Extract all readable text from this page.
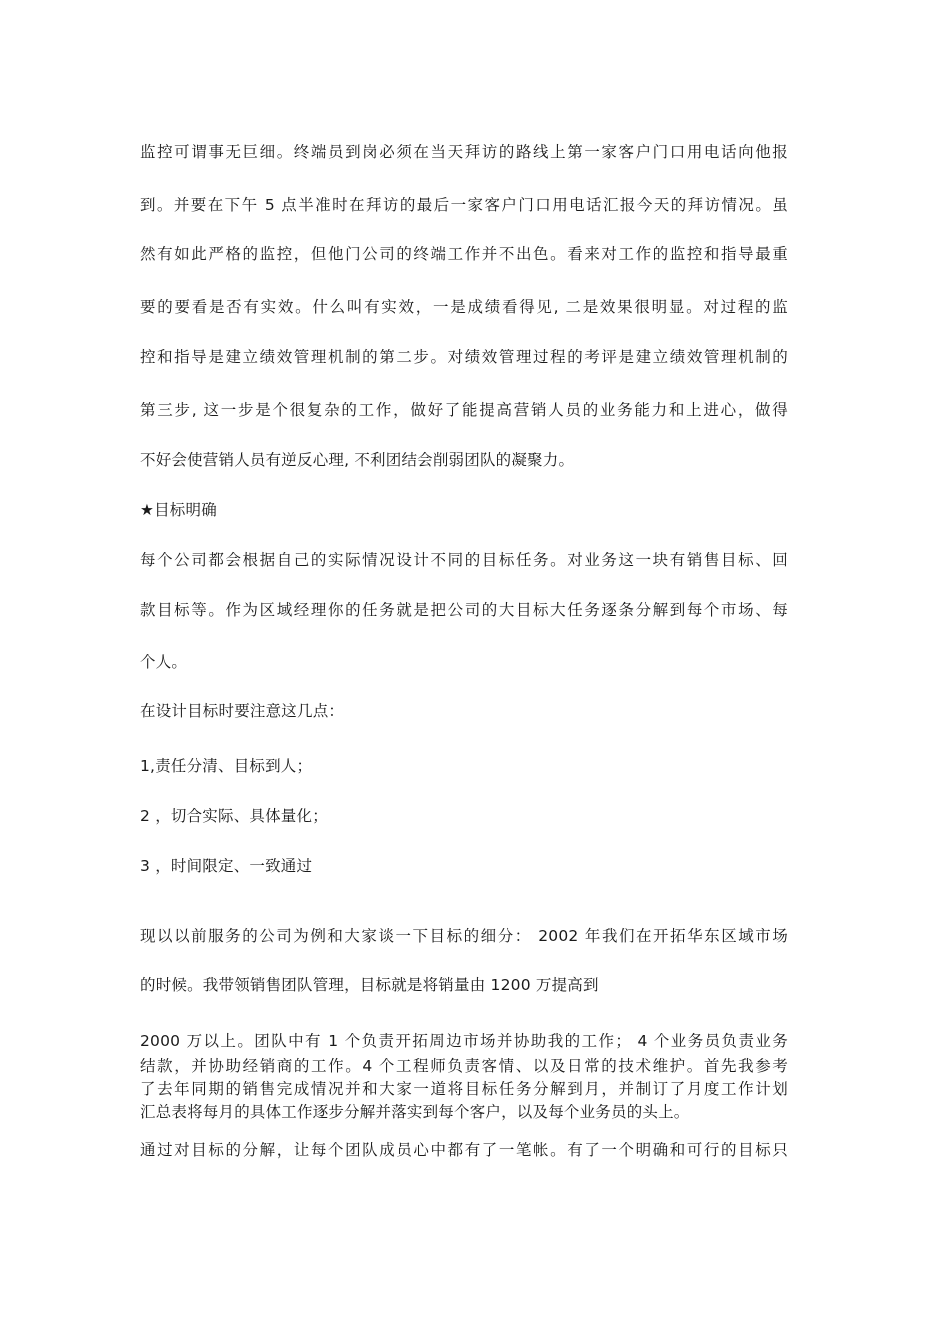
监控可谓事无巨细。终端员到岗必须在当天拜访的路线上第一家客户门口用电话向他报
到。并要在下午 5 点半准时在拜访的最后一家客户门口用电话汇报今天的拜访情况。虽
然有如此严格的监控，但他门公司的终端工作并不出色。看来对工作的监控和指导最重
要的要看是否有实效。什么叫有实效，一是成绩看得见, 二是效果很明显。对过程的监
控和指导是建立绩效管理机制的第二步。对绩效管理过程的考评是建立绩效管理机制的
第三步, 这一步是个很复杂的工作，做好了能提高营销人员的业务能力和上进心，做得
不好会使营销人员有逆反心理, 不利团结会削弱团队的凝聚力。
★目标明确
每个公司都会根据自己的实际情况设计不同的目标任务。对业务这一块有销售目标、回
款目标等。作为区域经理你的任务就是把公司的大目标大任务逐条分解到每个市场、每
个人。
在设计目标时要注意这几点：
1,责任分清、目标到人；
2 ，切合实际、具体量化；
3 ，时间限定、一致通过
现以以前服务的公司为例和大家谈一下目标的细分： 2002 年我们在开拓华东区域市场
的时候。我带领销售团队管理，目标就是将销量由 1200 万提高到
2000 万以上。团队中有 1 个负责开拓周边市场并协助我的工作； 4 个业务员负责业务
结款，并协助经销商的工作。4 个工程师负责客情、以及日常的技术维护。首先我参考
了去年同期的销售完成情况并和大家一道将目标任务分解到月，并制订了月度工作计划
汇总表将每月的具体工作逐步分解并落实到每个客户，以及每个业务员的头上。
通过对目标的分解，让每个团队成员心中都有了一笔帐。有了一个明确和可行的目标只
